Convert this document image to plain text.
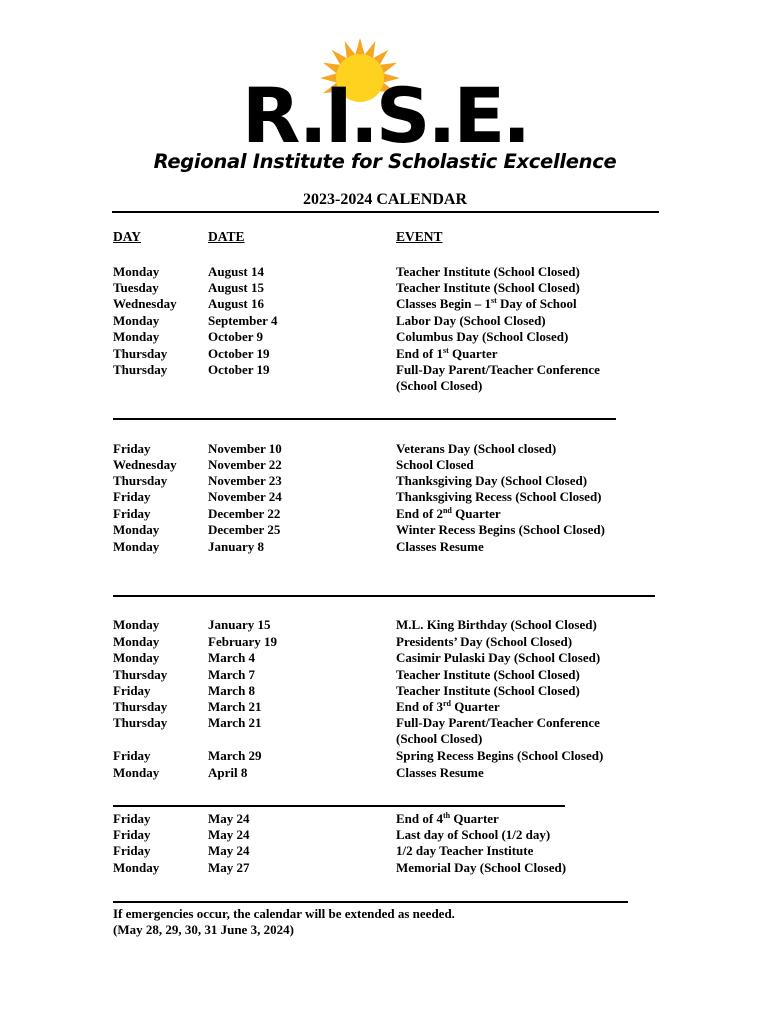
R.I.S.E.
Regional Institute for Scholastic Excellence
2023-2024 CALENDAR
DAY	DATE	EVENT
Monday	August 14	Teacher Institute (School Closed)
Tuesday	August 15	Teacher Institute (School Closed)
Wednesday August 16	Classes Begin – 1st Day of School
Monday	September 4	Labor Day (School Closed)
Monday	October 9	Columbus Day (School Closed)
Thursday	October 19	End of 1st Quarter
Thursday	October 19	Full-Day Parent/Teacher Conference
(School Closed)
Friday	November 10	Veterans Day (School closed)
Wednesday November 22	School Closed
Thursday	November 23	Thanksgiving Day (School Closed)
Friday	November 24	Thanksgiving Recess (School Closed)
Friday	December 22	End of 2nd Quarter
Monday	December 25	Winter Recess Begins (School Closed)
Monday	January 8	Classes Resume
Monday	January 15	M.L. King Birthday (School Closed)
Monday	February 19	Presidents’ Day (School Closed)
Monday	March 4	Casimir Pulaski Day (School Closed)
Thursday	March 7	Teacher Institute (School Closed)
Friday	March 8	Teacher Institute (School Closed)
Thursday	March 21	End of 3rd Quarter
Thursday	March 21	Full-Day Parent/Teacher Conference
(School Closed)
Friday	March 29	Spring Recess Begins (School Closed)
Monday	April 8	Classes Resume
Friday	May 24	End of 4th Quarter
Friday	May 24	Last day of School (1/2 day)
Friday	May 24	1/2 day Teacher Institute
Monday	May 27	Memorial Day (School Closed)
If emergencies occur, the calendar will be extended as needed.
(May 28, 29, 30, 31 June 3, 2024)
